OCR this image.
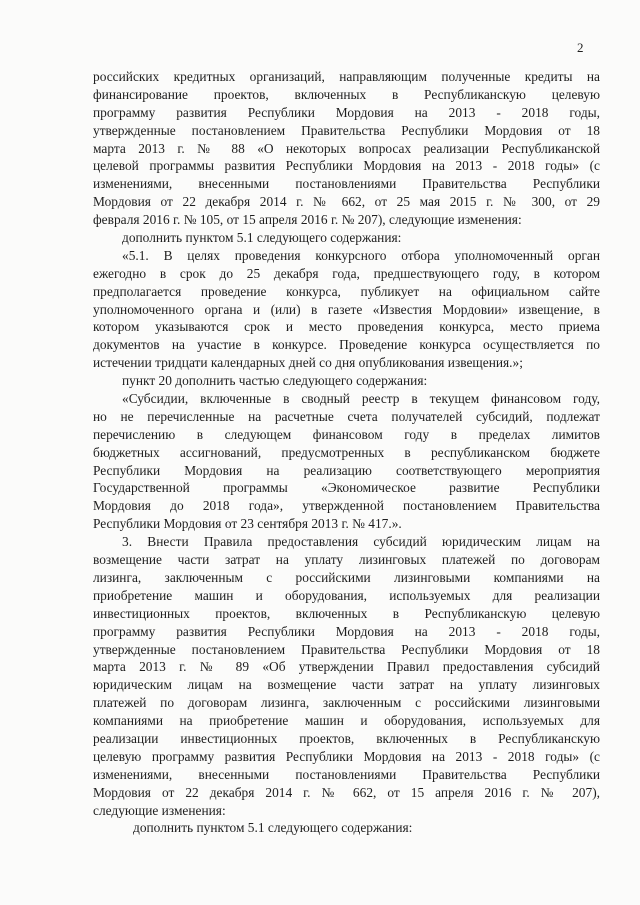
2
российских кредитных организаций, направляющим полученные кредиты на
финансирование проектов, включенных в Республиканскую целевую
программу развития Республики Мордовия на 2013 - 2018 годы,
утвержденные постановлением Правительства Республики Мордовия от 18
марта 2013 г. № 88 «О некоторых вопросах реализации Республиканской
целевой программы развития Республики Мордовия на 2013 - 2018 годы» (с
изменениями, внесенными постановлениями Правительства Республики
Мордовия от 22 декабря 2014 г. № 662, от 25 мая 2015 г. № 300, от 29
февраля 2016 г. № 105, от 15 апреля 2016 г. № 207), следующие изменения:
дополнить пунктом 5.1 следующего содержания:
«5.1. В целях проведения конкурсного отбора уполномоченный орган
ежегодно в срок до 25 декабря года, предшествующего году, в котором
предполагается проведение конкурса, публикует на официальном сайте
уполномоченного органа и (или) в газете «Известия Мордовии» извещение, в
котором указываются срок и место проведения конкурса, место приема
документов на участие в конкурсе. Проведение конкурса осуществляется по
истечении тридцати календарных дней со дня опубликования извещения.»;
пункт 20 дополнить частью следующего содержания:
«Субсидии, включенные в сводный реестр в текущем финансовом году,
но не перечисленные на расчетные счета получателей субсидий, подлежат
перечислению в следующем финансовом году в пределах лимитов
бюджетных ассигнований, предусмотренных в республиканском бюджете
Республики Мордовия на реализацию соответствующего мероприятия
Государственной программы «Экономическое развитие Республики
Мордовия до 2018 года», утвержденной постановлением Правительства
Республики Мордовия от 23 сентября 2013 г. № 417.».
3. Внести Правила предоставления субсидий юридическим лицам на
возмещение части затрат на уплату лизинговых платежей по договорам
лизинга, заключенным с российскими лизинговыми компаниями на
приобретение машин и оборудования, используемых для реализации
инвестиционных проектов, включенных в Республиканскую целевую
программу развития Республики Мордовия на 2013 - 2018 годы,
утвержденные постановлением Правительства Республики Мордовия от 18
марта 2013 г. № 89 «Об утверждении Правил предоставления субсидий
юридическим лицам на возмещение части затрат на уплату лизинговых
платежей по договорам лизинга, заключенным с российскими лизинговыми
компаниями на приобретение машин и оборудования, используемых для
реализации инвестиционных проектов, включенных в Республиканскую
целевую программу развития Республики Мордовия на 2013 - 2018 годы» (с
изменениями, внесенными постановлениями Правительства Республики
Мордовия от 22 декабря 2014 г. № 662, от 15 апреля 2016 г. № 207),
следующие изменения:
дополнить пунктом 5.1 следующего содержания:
